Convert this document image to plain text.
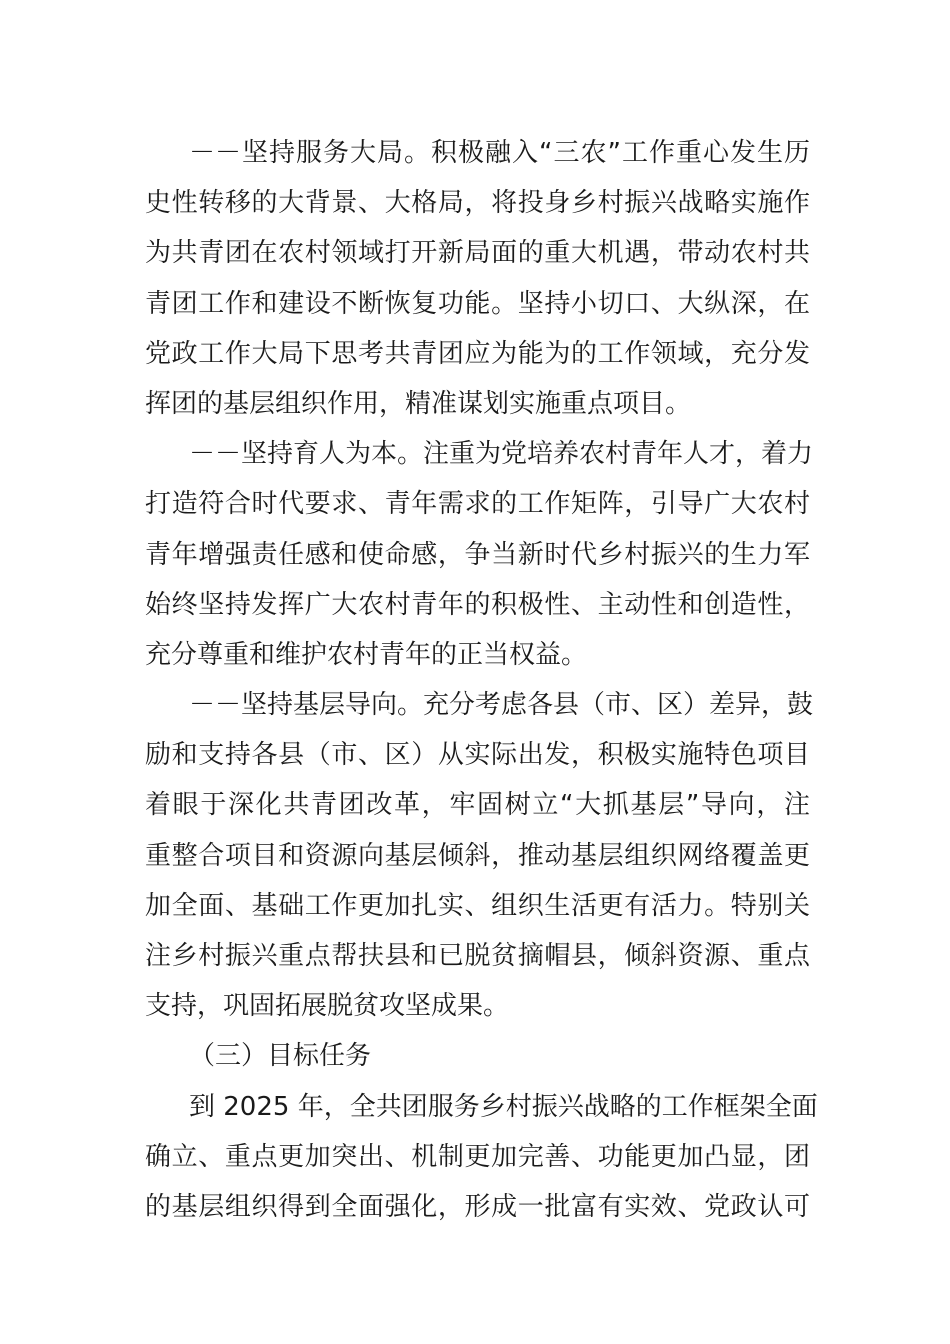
－－坚持服务大局。积极融入“三农”工作重心发生历
史性转移的大背景、大格局，将投身乡村振兴战略实施作
为共青团在农村领域打开新局面的重大机遇，带动农村共
青团工作和建设不断恢复功能。坚持小切口、大纵深，在
党政工作大局下思考共青团应为能为的工作领域，充分发
挥团的基层组织作用，精准谋划实施重点项目。
－－坚持育人为本。注重为党培养农村青年人才，着力
打造符合时代要求、青年需求的工作矩阵，引导广大农村
青年增强责任感和使命感，争当新时代乡村振兴的生力军
始终坚持发挥广大农村青年的积极性、主动性和创造性，
充分尊重和维护农村青年的正当权益。
－－坚持基层导向。充分考虑各县（市、区）差异，鼓
励和支持各县（市、区）从实际出发，积极实施特色项目
着眼于深化共青团改革，牢固树立“大抓基层”导向，注
重整合项目和资源向基层倾斜，推动基层组织网络覆盖更
加全面、基础工作更加扎实、组织生活更有活力。特别关
注乡村振兴重点帮扶县和已脱贫摘帽县，倾斜资源、重点
支持，巩固拓展脱贫攻坚成果。
（三）目标任务
到 2025 年，全共团服务乡村振兴战略的工作框架全面
确立、重点更加突出、机制更加完善、功能更加凸显，团
的基层组织得到全面强化，形成一批富有实效、党政认可
